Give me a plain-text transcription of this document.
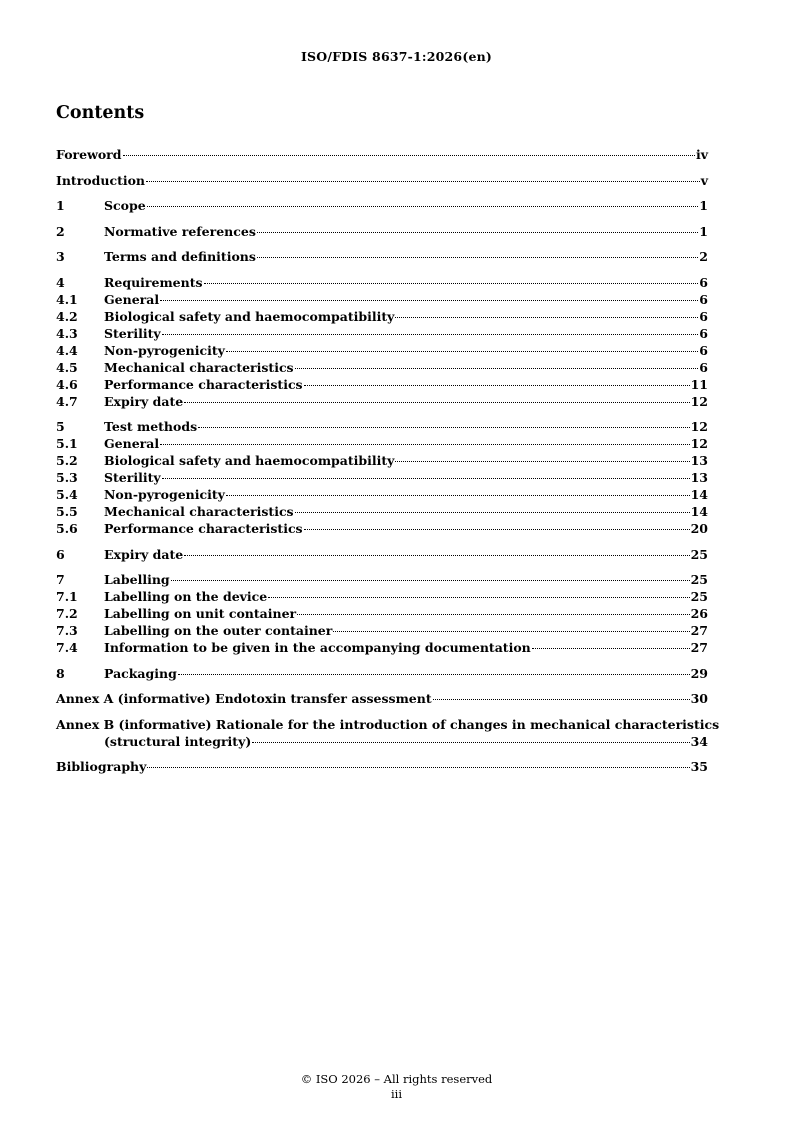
ISO/FDIS 8637-1:2026(en)
Contents
Foreword	iv
Introduction	v
1	Scope	1
2	Normative references	1
3	Terms and definitions	2
4	Requirements	6
4.1	General	6
4.2	Biological safety and haemocompatibility	6
4.3	Sterility	6
4.4	Non-pyrogenicity	6
4.5	Mechanical characteristics	6
4.6	Performance characteristics	11
4.7	Expiry date	12
5	Test methods	12
5.1	General	12
5.2	Biological safety and haemocompatibility	13
5.3	Sterility	13
5.4	Non-pyrogenicity	14
5.5	Mechanical characteristics	14
5.6	Performance characteristics	20
6	Expiry date	25
7	Labelling	25
7.1	Labelling on the device	25
7.2	Labelling on unit container	26
7.3	Labelling on the outer container	27
7.4	Information to be given in the accompanying documentation	27
8	Packaging	29
Annex A (informative) Endotoxin transfer assessment	30
Annex B (informative) Rationale for the introduction of changes in mechanical characteristics
(structural integrity)	34
Bibliography	35
© ISO 2026 – All rights reserved
iii
